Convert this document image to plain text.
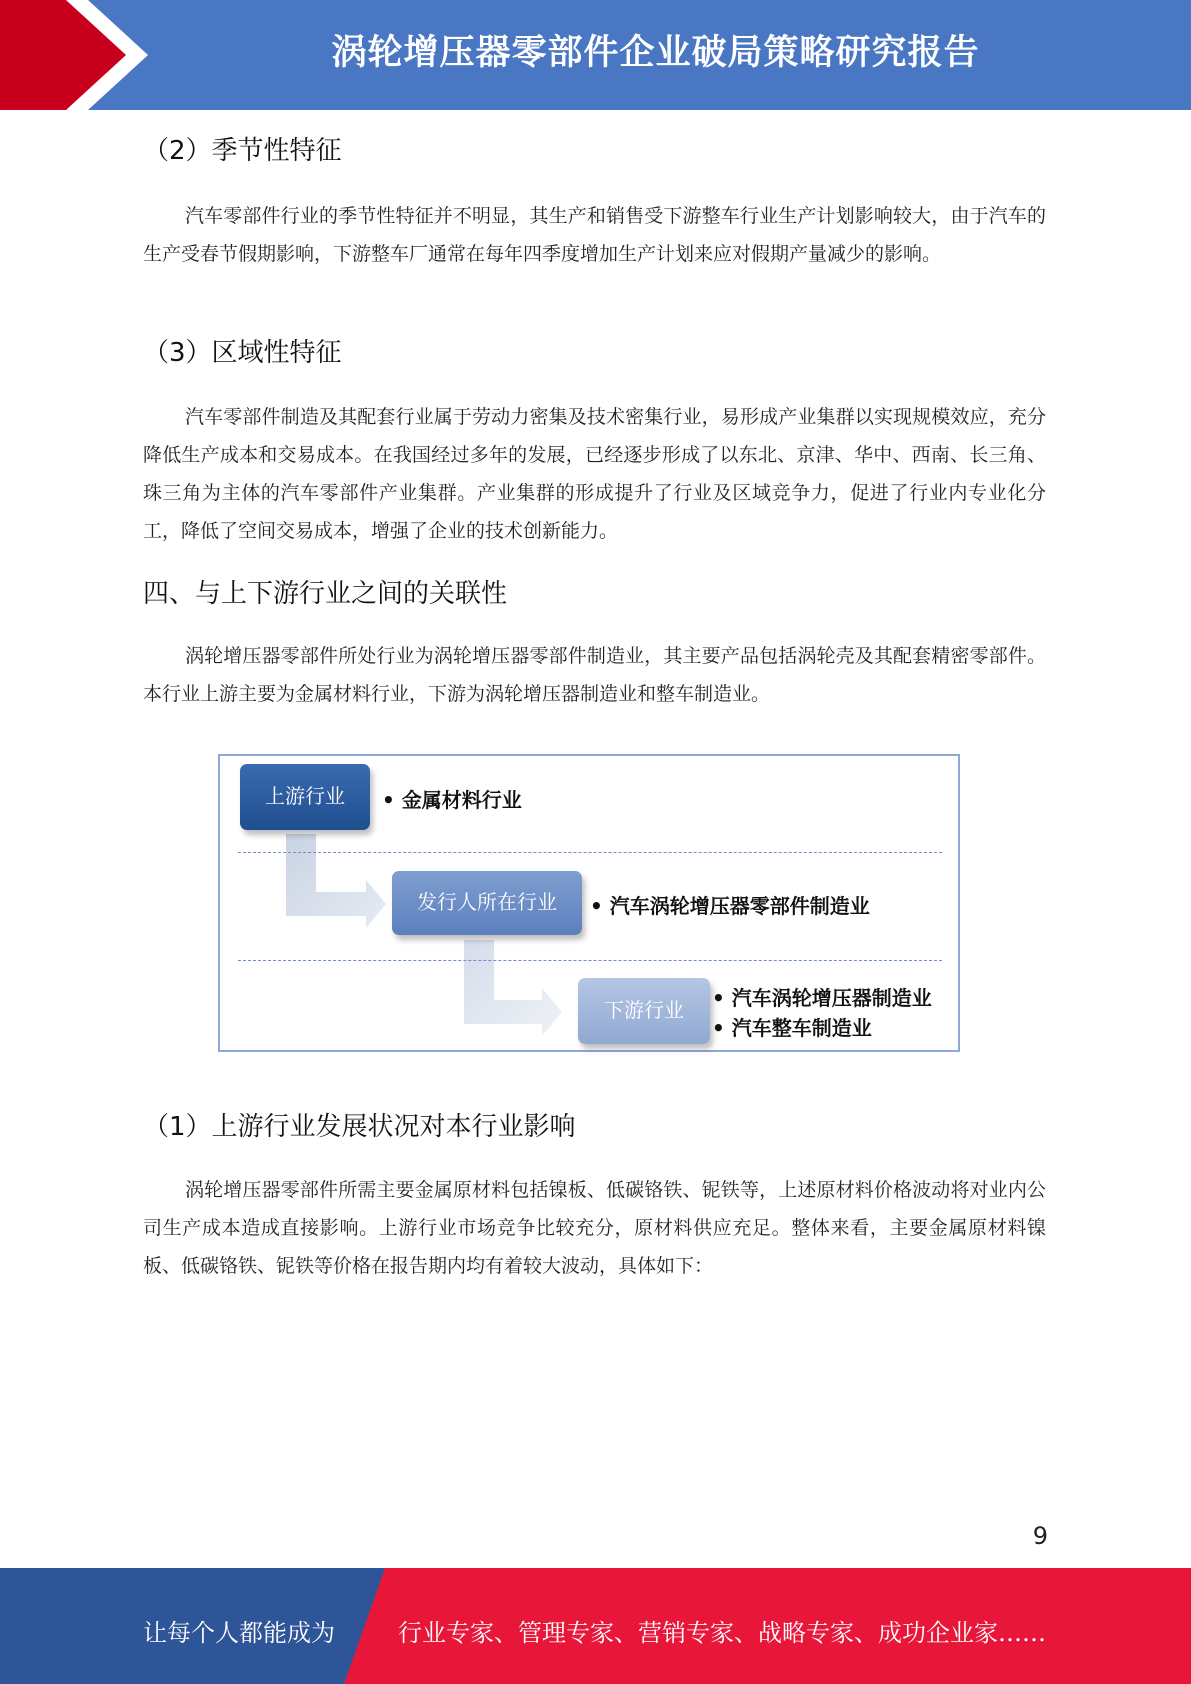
涡轮增压器零部件企业破局策略研究报告
（2）季节性特征

汽车零部件行业的季节性特征并不明显，其生产和销售受下游整车行业生产计划影响较大，由于汽车的生产受春节假期影响，下游整车厂通常在每年四季度增加生产计划来应对假期产量减少的影响。

（3）区域性特征

汽车零部件制造及其配套行业属于劳动力密集及技术密集行业，易形成产业集群以实现规模效应，充分降低生产成本和交易成本。在我国经过多年的发展，已经逐步形成了以东北、京津、华中、西南、长三角、珠三角为主体的汽车零部件产业集群。产业集群的形成提升了行业及区域竞争力，促进了行业内专业化分工，降低了空间交易成本，增强了企业的技术创新能力。

四、与上下游行业之间的关联性

涡轮增压器零部件所处行业为涡轮增压器零部件制造业，其主要产品包括涡轮壳及其配套精密零部件。本行业上游主要为金属材料行业，下游为涡轮增压器制造业和整车制造业。

上游行业	• 金属材料行业
发行人所在行业	• 汽车涡轮增压器零部件制造业
下游行业	• 汽车涡轮增压器制造业
• 汽车整车制造业
（1）上游行业发展状况对本行业影响

涡轮增压器零部件所需主要金属原材料包括镍板、低碳铬铁、铌铁等，上述原材料价格波动将对业内公司生产成本造成直接影响。上游行业市场竞争比较充分，原材料供应充足。整体来看，主要金属原材料镍板、低碳铬铁、铌铁等价格在报告期内均有着较大波动，具体如下：

9
让每个人都能成为	行业专家、管理专家、营销专家、战略专家、成功企业家……
